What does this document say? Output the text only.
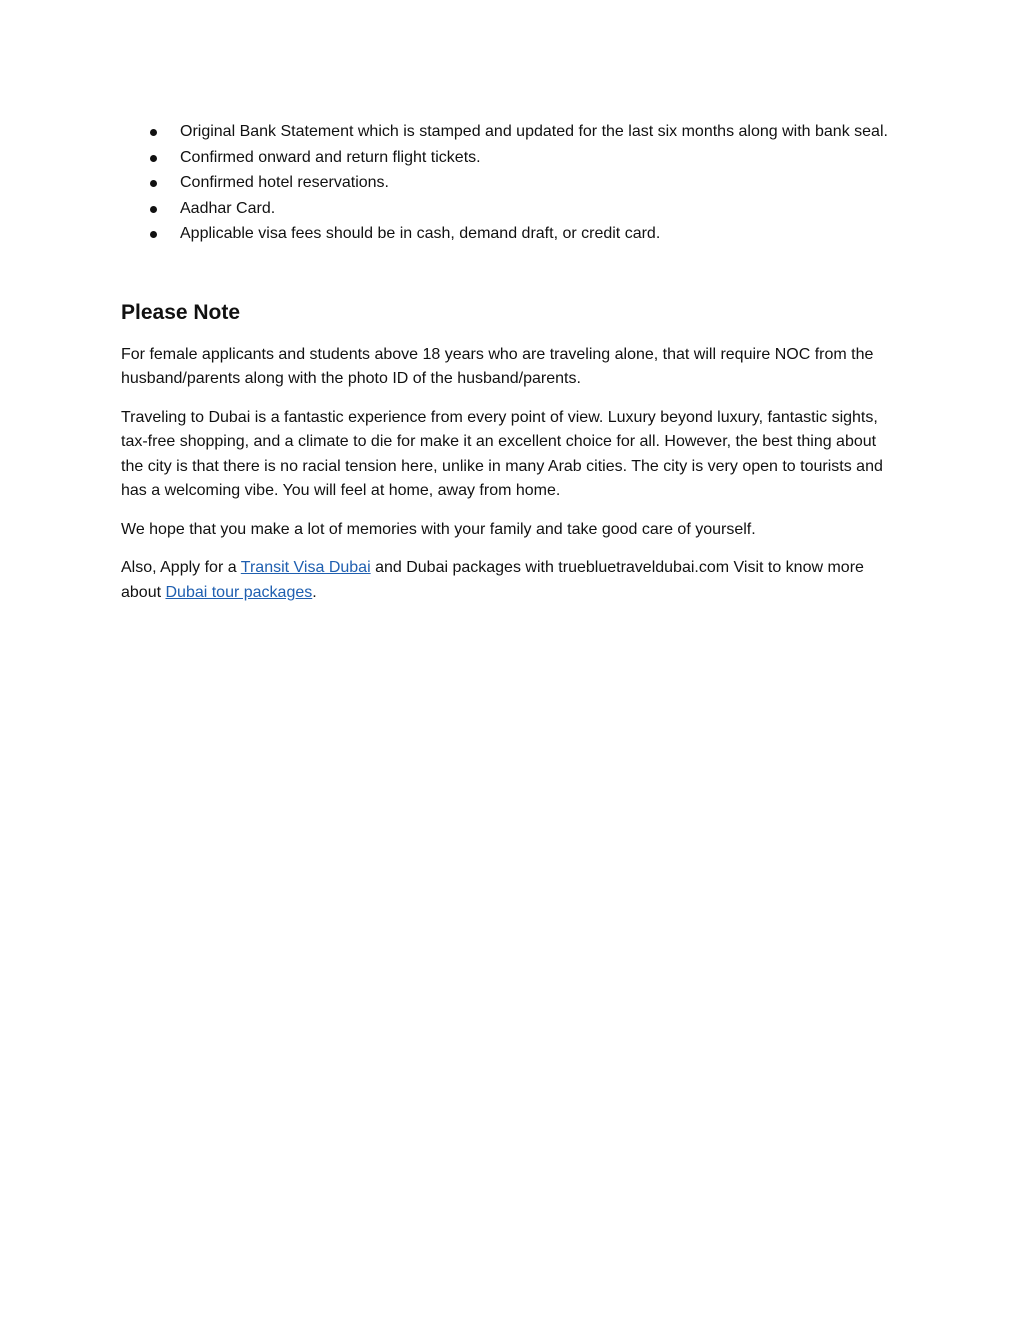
Original Bank Statement which is stamped and updated for the last six months along with bank seal.
Confirmed onward and return flight tickets.
Confirmed hotel reservations.
Aadhar Card.
Applicable visa fees should be in cash, demand draft, or credit card.
Please Note

For female applicants and students above 18 years who are traveling alone, that will require NOC from the husband/parents along with the photo ID of the husband/parents.

Traveling to Dubai is a fantastic experience from every point of view. Luxury beyond luxury, fantastic sights, tax-free shopping, and a climate to die for make it an excellent choice for all. However, the best thing about the city is that there is no racial tension here, unlike in many Arab cities. The city is very open to tourists and has a welcoming vibe. You will feel at home, away from home.

We hope that you make a lot of memories with your family and take good care of yourself.

Also, Apply for a Transit Visa Dubai and Dubai packages with truebluetraveldubai.com Visit to know more about Dubai tour packages.
